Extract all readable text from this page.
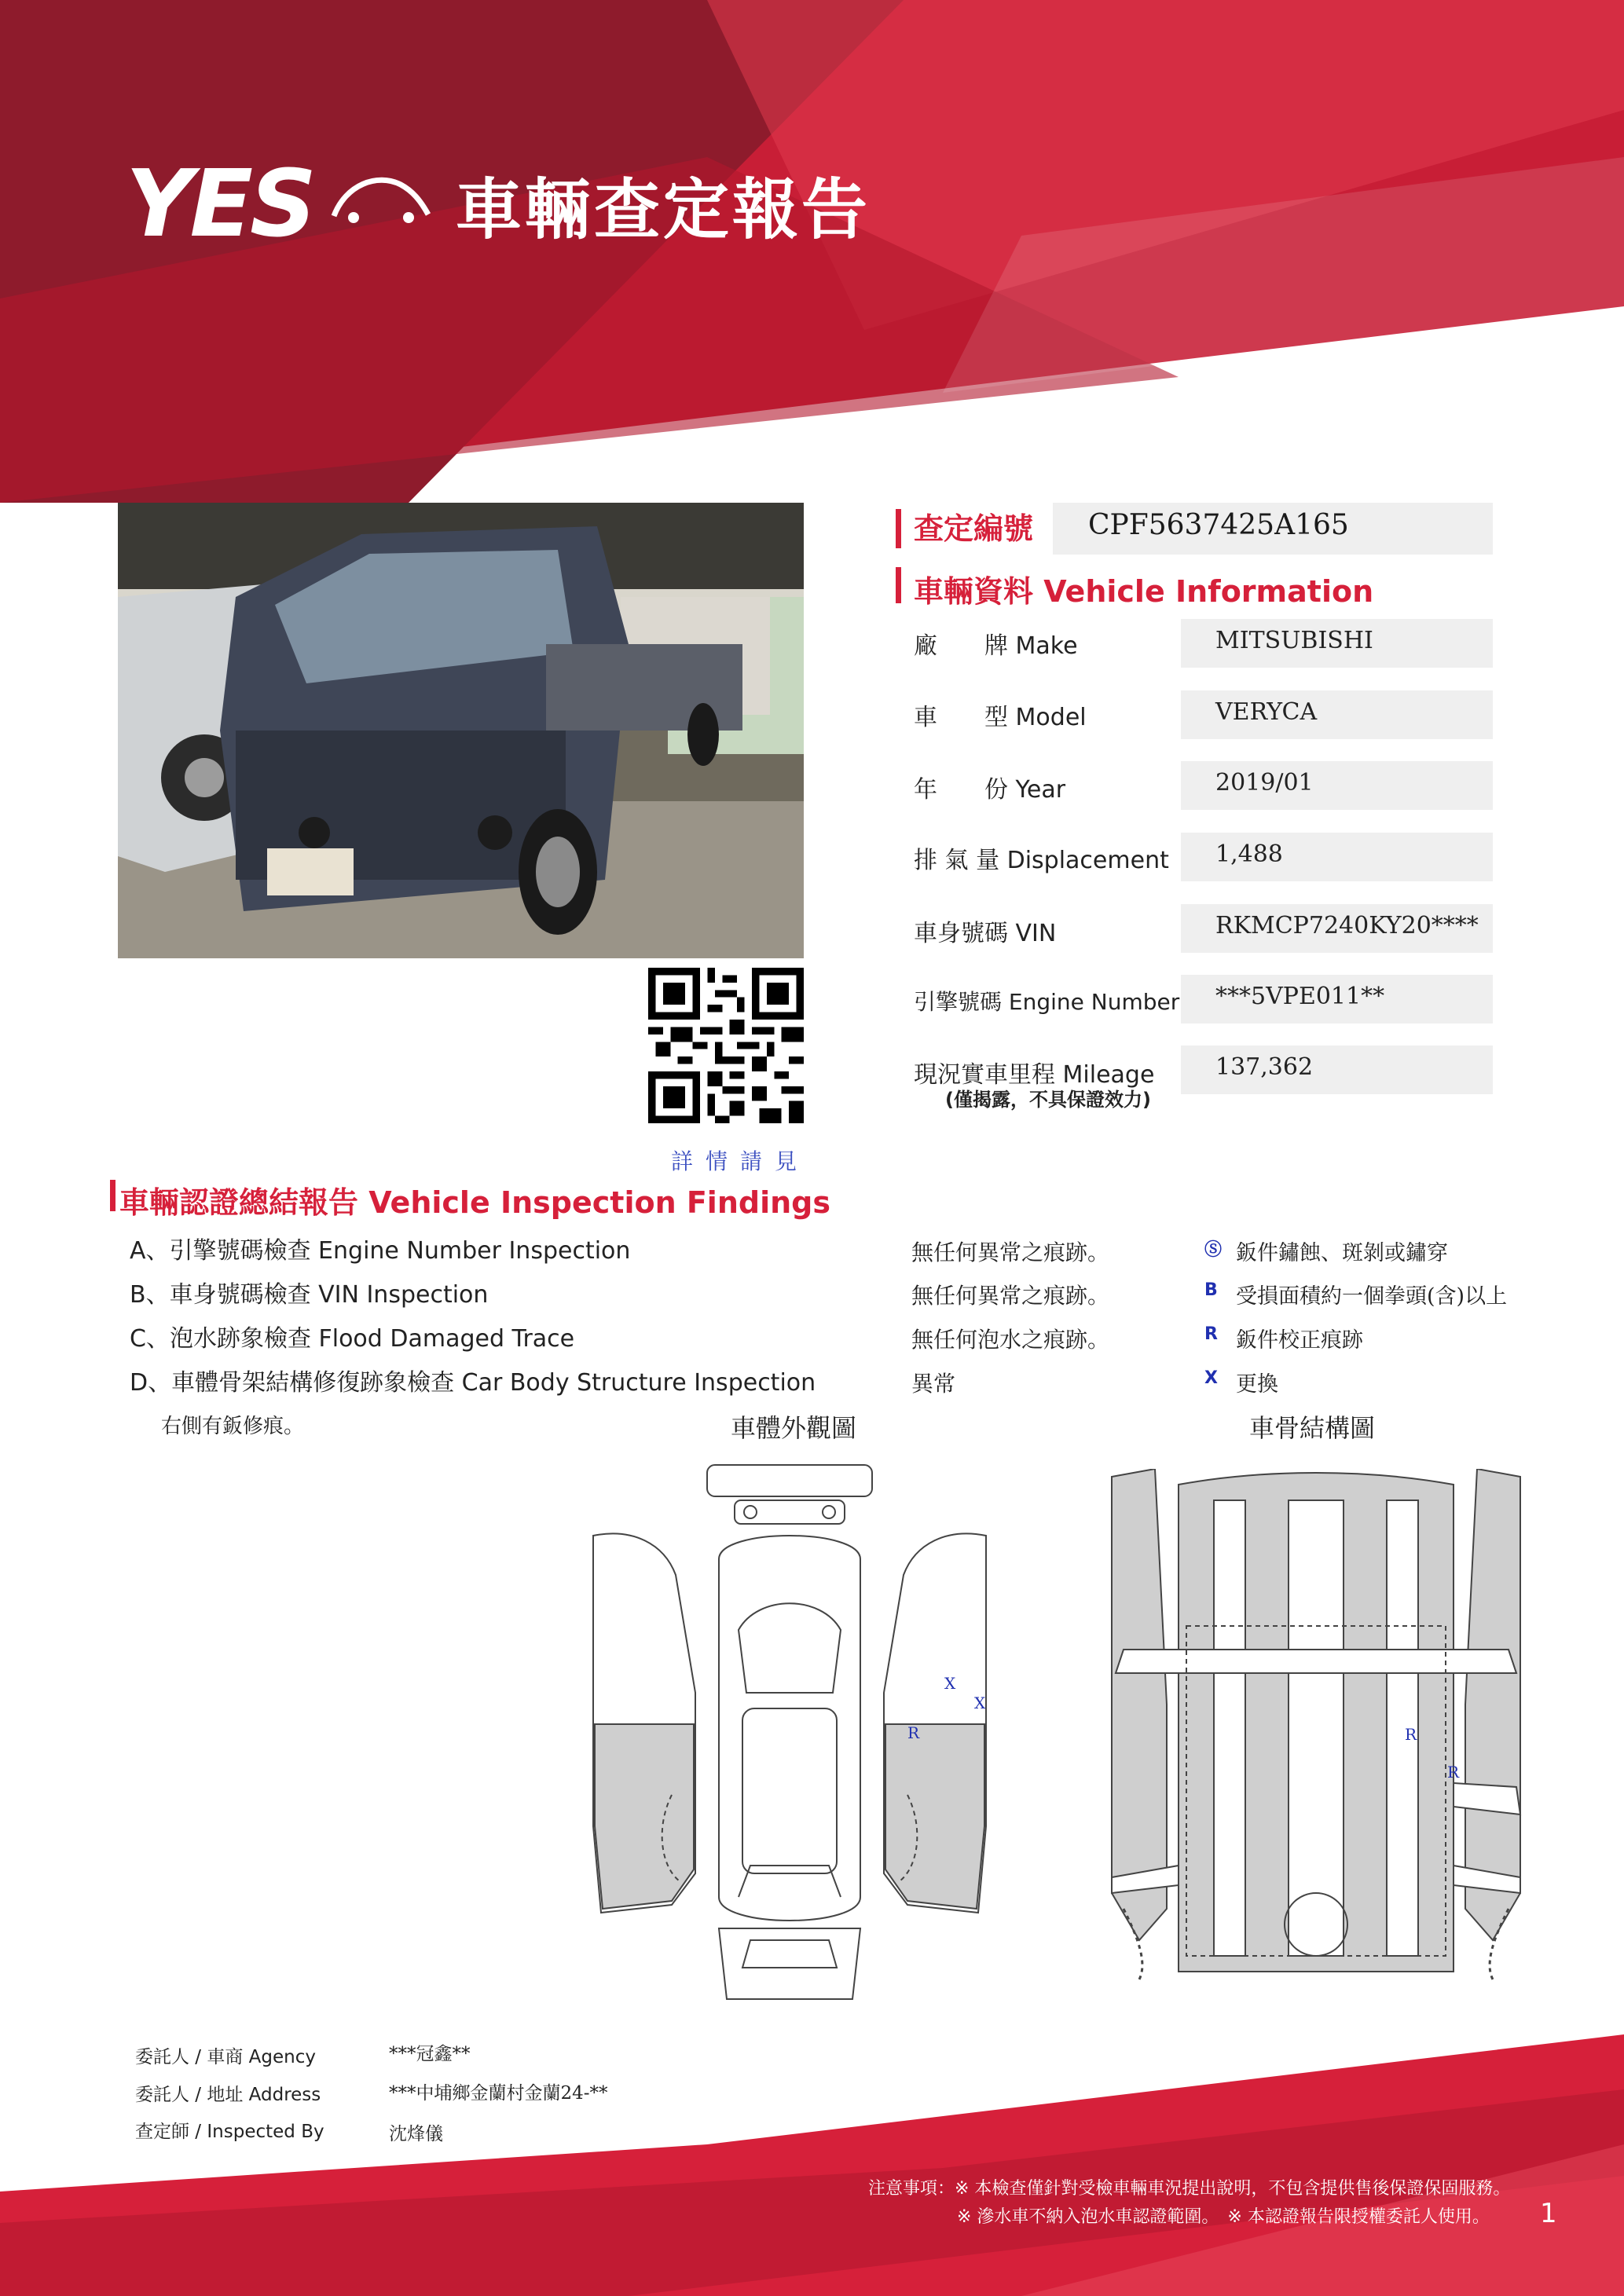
YES 車輛查定報告
詳情請見
查定編號 CPF5637425A165
車輛資料 Vehicle Information
廠　　牌 Make	MITSUBISHI
車　　型 Model	VERYCA
年　　份 Year	2019/01
排 氣 量 Displacement 1,488
車身號碼 VIN	RKMCP7240KY20****
引擎號碼 Engine Number ***5VPE011**
現況實車里程 Mileage	137,362
(僅揭露，不具保證效力)
車輛認證總結報告 Vehicle Inspection Findings
A、引擎號碼檢查 Engine Number Inspection	無任何異常之痕跡。
B、車身號碼檢查 VIN Inspection	無任何異常之痕跡。
C、泡水跡象檢查 Flood Damaged Trace	無任何泡水之痕跡。
D、車體骨架結構修復跡象檢查 Car Body Structure Inspection	異常
Ⓢ 鈑件鏽蝕、斑剝或鏽穿
B 受損面積約一個拳頭(含)以上
R 鈑件校正痕跡
X 更換
右側有鈑修痕。	車體外觀圖	車骨結構圖
X
X
R	R
R
委託人 / 車商 Agency	***冠鑫**
委託人 / 地址 Address	***中埔鄉金蘭村金蘭24-**
查定師 / Inspected By	沈烽儀
注意事項：※ 本檢查僅針對受檢車輛車況提出說明，不包含提供售後保證保固服務。
※ 滲水車不納入泡水車認證範圍。　※ 本認證報告限授權委託人使用。 1
